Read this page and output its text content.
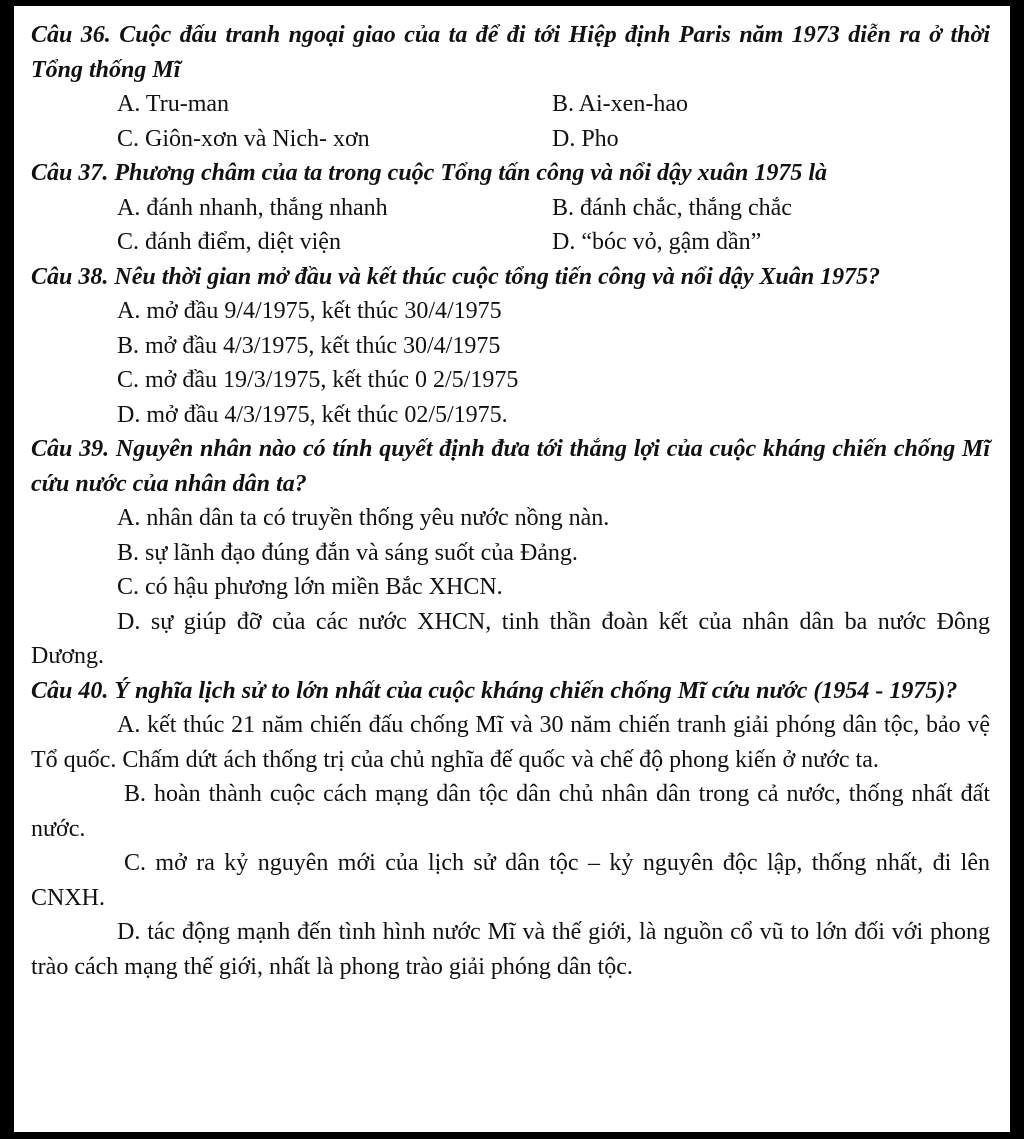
Câu 36. Cuộc đấu tranh ngoại giao của ta để đi tới Hiệp định Paris năm 1973 diễn ra ở thời Tổng thống Mĩ
A. Tru-man	B. Ai-xen-hao
C. Giôn-xơn và Nich- xơn	D. Pho
Câu 37. Phương châm của ta trong cuộc Tổng tấn công và nổi dậy xuân 1975 là
A. đánh nhanh, thắng nhanh	B. đánh chắc, thắng chắc
C. đánh điểm, diệt viện	D. “bóc vỏ, gậm dần”
Câu 38. Nêu thời gian mở đầu và kết thúc cuộc tổng tiến công và nổi dậy Xuân 1975?
A. mở đầu 9/4/1975, kết thúc 30/4/1975
B. mở đầu 4/3/1975, kết thúc 30/4/1975
C. mở đầu 19/3/1975, kết thúc 0 2/5/1975
D. mở đầu 4/3/1975, kết thúc 02/5/1975.
Câu 39. Nguyên nhân nào có tính quyết định đưa tới thắng lợi của cuộc kháng chiến chống Mĩ cứu nước của nhân dân ta?
A. nhân dân ta có truyền thống yêu nước nồng nàn.
B. sự lãnh đạo đúng đắn và sáng suốt của Đảng.
C. có hậu phương lớn miền Bắc XHCN.
D. sự giúp đỡ của các nước XHCN, tinh thần đoàn kết của nhân dân ba nước Đông Dương.
Câu 40. Ý nghĩa lịch sử to lớn nhất của cuộc kháng chiến chống Mĩ cứu nước (1954 - 1975)?
A. kết thúc 21 năm chiến đấu chống Mĩ và 30 năm chiến tranh giải phóng dân tộc, bảo vệ Tổ quốc. Chấm dứt ách thống trị của chủ nghĩa đế quốc và chế độ phong kiến ở nước ta.
B. hoàn thành cuộc cách mạng dân tộc dân chủ nhân dân trong cả nước, thống nhất đất nước.
C. mở ra kỷ nguyên mới của lịch sử dân tộc – kỷ nguyên độc lập, thống nhất, đi lên CNXH.
D. tác động mạnh đến tình hình nước Mĩ và thế giới, là nguồn cổ vũ to lớn đối với phong trào cách mạng thế giới, nhất là phong trào giải phóng dân tộc.
